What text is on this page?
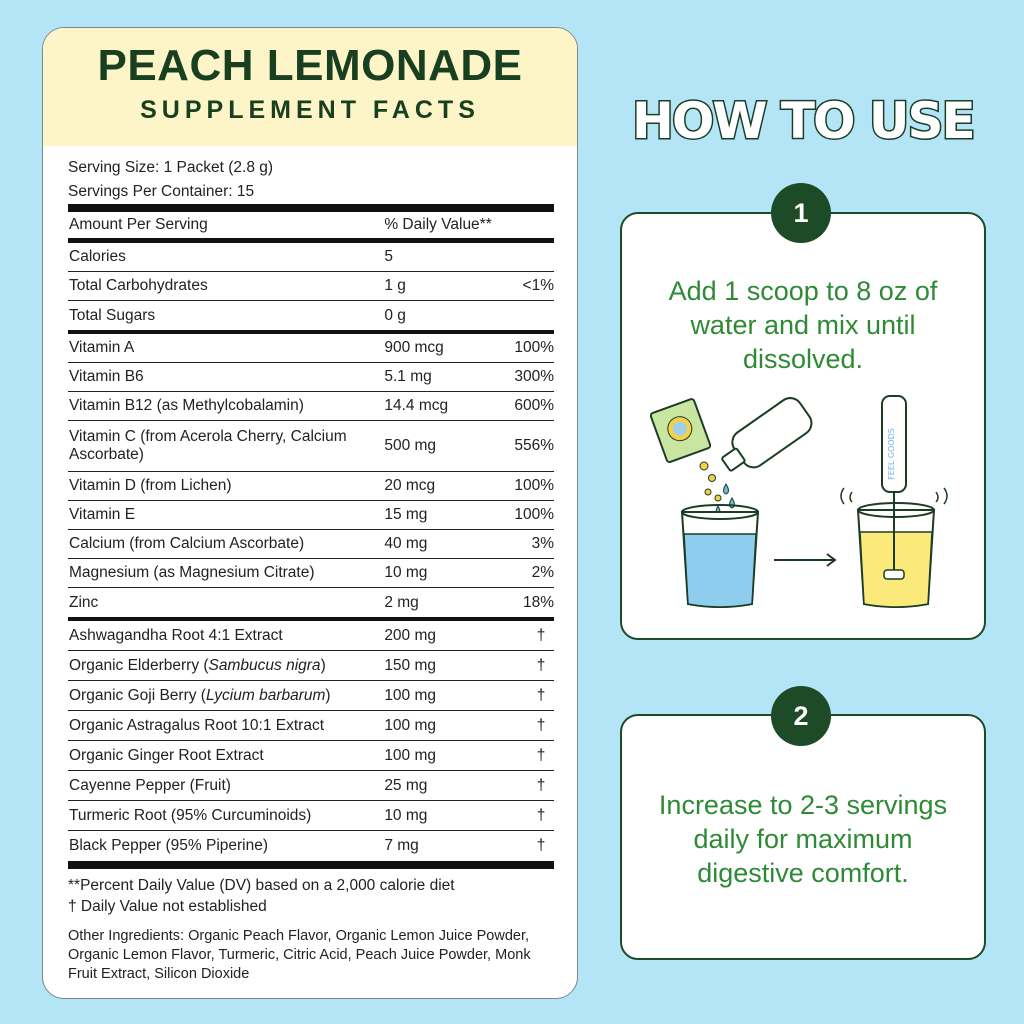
PEACH LEMONADE
SUPPLEMENT FACTS
Serving Size: 1 Packet (2.8 g)
Servings Per Container: 15
Amount Per Serving	% Daily Value**
Calories	5
Total Carbohydrates	1 g	<1%
Total Sugars	0 g
Vitamin A	900 mcg	100%
Vitamin B6	5.1 mg	300%
Vitamin B12 (as Methylcobalamin)	14.4 mcg	600%
Vitamin C (from Acerola Cherry, Calcium Ascorbate)
500 mg	556%
Vitamin D (from Lichen)	20 mcg	100%
Vitamin E	15 mg	100%
Calcium (from Calcium Ascorbate)	40 mg	3%
Magnesium (as Magnesium Citrate)	10 mg	2%
Zinc	2 mg	18%
Ashwagandha Root 4:1 Extract	200 mg	†
Organic Elderberry (Sambucus nigra)	150 mg	†
Organic Goji Berry (Lycium barbarum)	100 mg	†
Organic Astragalus Root 10:1 Extract	100 mg	†
Organic Ginger Root Extract	100 mg	†
Cayenne Pepper (Fruit)	25 mg	†
Turmeric Root (95% Curcuminoids)	10 mg	†
Black Pepper (95% Piperine)	7 mg	†
**Percent Daily Value (DV) based on a 2,000 calorie diet
† Daily Value not established
Other Ingredients: Organic Peach Flavor, Organic Lemon Juice Powder, Organic Lemon Flavor, Turmeric, Citric Acid, Peach Juice Powder, Monk Fruit Extract, Silicon Dioxide
HOW TO USE
Add 1 scoop to 8 oz of water and mix until dissolved.
FEEL GOODS
1
Increase to 2-3 servings daily for maximum digestive comfort.
2
